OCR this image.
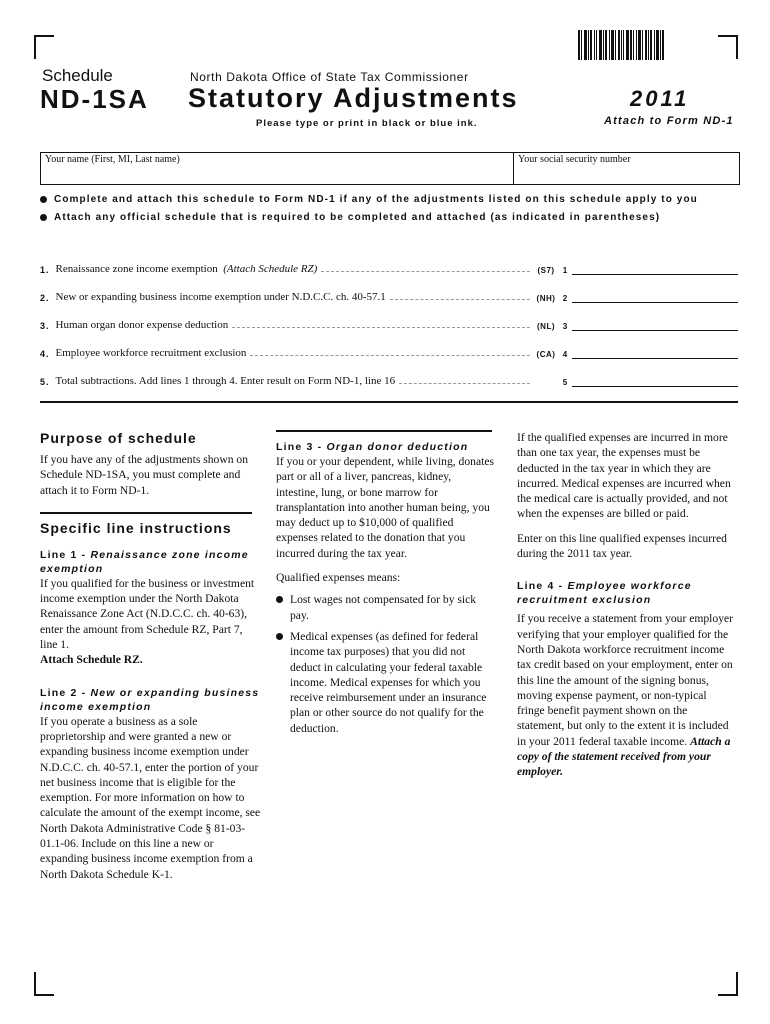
Schedule
ND-1SA
North Dakota Office of State Tax Commissioner
Statutory Adjustments	2011
Please type or print in black or blue ink.	Attach to Form ND-1
Your name (First, MI, Last name)	Your social security number
Complete and attach this schedule to Form ND-1 if any of the adjustments listed on this schedule apply to you
Attach any official schedule that is required to be completed and attached (as indicated in parentheses)
1. Renaissance zone income exemption
(Attach Schedule RZ)	(S7)	1
2. New or expanding business income exemption under N.D.C.C. ch. 40-57.1	(NH) 2
3. Human organ donor expense deduction	(NL) 3
4. Employee workforce recruitment exclusion	(CA) 4
5. Total subtractions. Add lines 1 through 4. Enter result on Form ND-1, line 16	5
Purpose of schedule
If you have any of the adjustments shown on Schedule ND-1SA, you must complete and attach it to Form ND-1.
Specific line instructions
Line 1 - Renaissance zone income exemption
If you qualified for the business or investment income exemption under the North Dakota Renaissance Zone Act (N.D.C.C. ch. 40-63), enter the amount from Schedule RZ, Part 7, line 1.
Attach Schedule RZ.
Line 2 - New or expanding business income exemption
If you operate a business as a sole proprietorship and were granted a new or expanding business income exemption under N.D.C.C. ch. 40-57.1, enter the portion of your net business income that is eligible for the exemption. For more information on how to calculate the amount of the exempt income, see North Dakota Administrative Code § 81-03-01.1-06. Include on this line a new or expanding business income exemption from a North Dakota Schedule K-1.
Line 3 - Organ donor deduction
If you or your dependent, while living, donates part or all of a liver, pancreas, kidney, intestine, lung, or bone marrow for transplantation into another human being, you may deduct up to $10,000 of qualified expenses related to the donation that you incurred during the tax year.
Qualified expenses means:
Lost wages not compensated for by sick pay.
Medical expenses (as defined for federal income tax purposes) that you did not deduct in calculating your federal taxable income. Medical expenses for which you receive reimbursement under an insurance plan or other source do not qualify for the deduction.
If the qualified expenses are incurred in more than one tax year, the expenses must be deducted in the tax year in which they are incurred. Medical expenses are incurred when the medical care is actually provided, and not when the expenses are billed or paid.
Enter on this line qualified expenses incurred during the 2011 tax year.
Line 4 - Employee workforce recruitment exclusion
If you receive a statement from your employer verifying that your employer qualified for the North Dakota workforce recruitment income tax credit based on your employment, enter on this line the amount of the signing bonus, moving expense payment, or non-typical fringe benefit payment shown on the statement, but only to the extent it is included in your 2011 federal taxable income. Attach a copy of the statement received from your employer.
